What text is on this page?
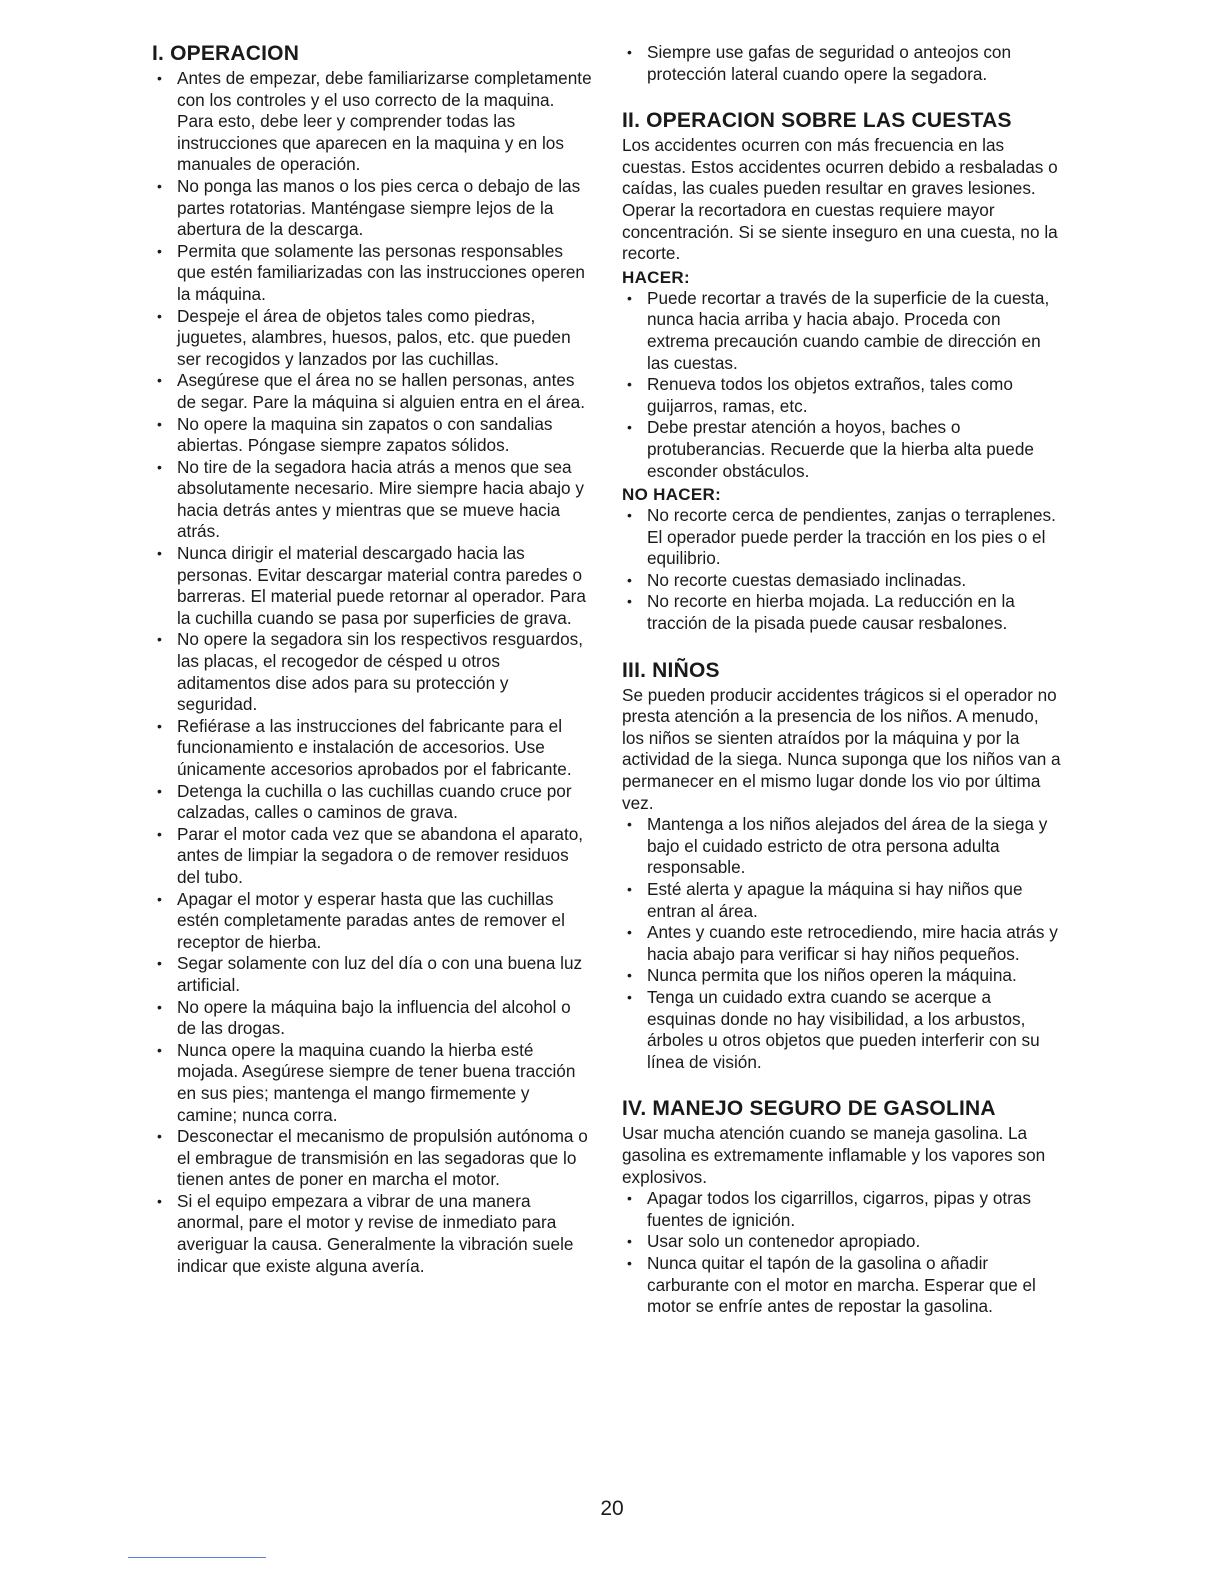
I. OPERACION
• Antes de empezar, debe familiarizarse completamente con los controles y el uso correcto de la maquina. Para esto, debe leer y comprender todas las instrucciones que aparecen en la maquina y en los manuales de operación.
• No ponga las manos o los pies cerca o debajo de las partes rotatorias. Manténgase siempre lejos de la abertura de la descarga.
• Permita que solamente las personas responsables que estén familiarizadas con las instrucciones operen la máquina.
• Despeje el área de objetos tales como piedras, juguetes, alambres, huesos, palos, etc. que pueden ser recogidos y lanzados por las cuchillas.
• Asegúrese que el área no se hallen personas, antes de segar. Pare la máquina si alguien entra en el área.
• No opere la maquina sin zapatos o con sandalias abiertas. Póngase siempre zapatos sólidos.
• No tire de la segadora hacia atrás a menos que sea absolutamente necesario. Mire siempre hacia abajo y hacia detrás antes y mientras que se mueve hacia atrás.
• Nunca dirigir el material descargado hacia las personas. Evitar descargar material contra paredes o barreras. El material puede retornar al operador. Para la cuchilla cuando se pasa por superficies de grava.
• No opere la segadora sin los respectivos resguardos, las placas, el recogedor de césped u otros aditamentos dise ados para su protección y seguridad.
• Refiérase a las instrucciones del fabricante para el funcionamiento e instalación de accesorios. Use únicamente accesorios aprobados por el fabricante.
• Detenga la cuchilla o las cuchillas cuando cruce por calzadas, calles o caminos de grava.
• Parar el motor cada vez que se abandona el aparato, antes de limpiar la segadora o de remover residuos del tubo.
• Apagar el motor y esperar hasta que las cuchillas estén completamente paradas antes de remover el receptor de hierba.
• Segar solamente con luz del día o con una buena luz artificial.
• No opere la máquina bajo la influencia del alcohol o de las drogas.
• Nunca opere la maquina cuando la hierba esté mojada. Asegúrese siempre de tener buena tracción en sus pies; mantenga el mango firmemente y camine; nunca corra.
• Desconectar el mecanismo de propulsión autónoma o el embrague de transmisión en las segadoras que lo tienen antes de poner en marcha el motor.
• Si el equipo empezara a vibrar de una manera anormal, pare el motor y revise de inmediato para averiguar la causa. Generalmente la vibración suele indicar que existe alguna avería.
• Siempre use gafas de seguridad o anteojos con protección lateral cuando opere la segadora.
II. OPERACION SOBRE LAS CUESTAS

Los accidentes ocurren con más frecuencia en las cuestas. Estos accidentes ocurren debido a resbaladas o caídas, las cuales pueden resultar en graves lesiones. Operar la recortadora en cuestas requiere mayor concentración. Si se siente inseguro en una cuesta, no la recorte.

HACER:
• Puede recortar a través de la superficie de la cuesta, nunca hacia arriba y hacia abajo. Proceda con extrema precaución cuando cambie de dirección en las cuestas.
• Renueva todos los objetos extraños, tales como guijarros, ramas, etc.
• Debe prestar atención a hoyos, baches o protuberancias. Recuerde que la hierba alta puede esconder obstáculos.
NO HACER:
• No recorte cerca de pendientes, zanjas o terraplenes. El operador puede perder la tracción en los pies o el equilibrio.
• No recorte cuestas demasiado inclinadas.
• No recorte en hierba mojada. La reducción en la tracción de la pisada puede causar resbalones.
III. NIÑOS

Se pueden producir accidentes trágicos si el operador no presta atención a la presencia de los niños. A menudo, los niños se sienten atraídos por la máquina y por la actividad de la siega. Nunca suponga que los niños van a permanecer en el mismo lugar donde los vio por última vez.

• Mantenga a los niños alejados del área de la siega y bajo el cuidado estricto de otra persona adulta responsable.
• Esté alerta y apague la máquina si hay niños que entran al área.
• Antes y cuando este retrocediendo, mire hacia atrás y hacia abajo para verificar si hay niños pequeños.
• Nunca permita que los niños operen la máquina.
• Tenga un cuidado extra cuando se acerque a esquinas donde no hay visibilidad, a los arbustos, árboles u otros objetos que pueden interferir con su línea de visión.
IV. MANEJO SEGURO DE GASOLINA

Usar mucha atención cuando se maneja gasolina. La gasolina es extremamente inflamable y los vapores son explosivos.

• Apagar todos los cigarrillos, cigarros, pipas y otras fuentes de ignición.
• Usar solo un contenedor apropiado.
• Nunca quitar el tapón de la gasolina o añadir carburante con el motor en marcha. Esperar que el motor se enfríe antes de repostar la gasolina.
20
